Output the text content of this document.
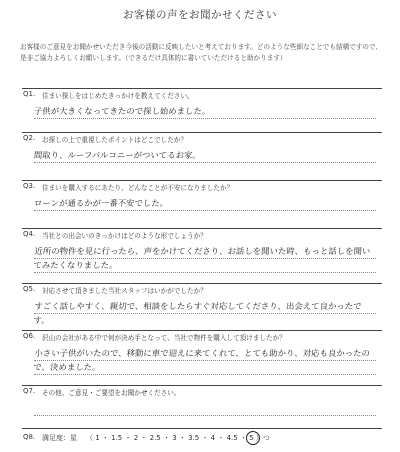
お客様の声をお聞かせください
お客様のご意見をお聞かせいただき今後の活動に反映したいと考えております。どのような些細なことでも結構ですので、是非ご協力よろしくお願いします。（できるだけ具体的に書いていただけると助かります）
Q1. 住まい探しをはじめたきっかけを教えてください。
子供が大きくなってきたので探し始めました。
Q2. お探しの上で重視したポイントはどこでしたか？
間取り、ルーフバルコニーがついてるお家。
Q3. 住まいを購入するにあたり、どんなことが不安になりましたか？
ローンが通るかが一番不安でした。
Q4. 当社との出会いのきっかけはどのような形でしょうか？
近所の物件を見に行ったら、声をかけてくださり、お話しを聞いた時、もっと話しを聞いてみたくなりました。
Q5. 対応させて頂きました当社スタッフはいかがでしたか？
すごく話しやすく、親切で、相談をしたらすぐ対応してくださり、出会えて良かったです。
Q6. 沢山の会社がある中で何が決め手となって、当社で物件を購入して頂けましたか？
小さい子供がいたので、移動に車で迎えに来てくれて、とても助かり、対応も良かったので、決めました。
Q7. その他、ご意見・ご要望をお聞かせください。
Q8. 満足度：星 （ 1 ・ 1.5 ・ 2 ・ 2.5 ・ 3 ・ 3.5 ・ 4 ・ 4.5 ・ 5 ）つ
